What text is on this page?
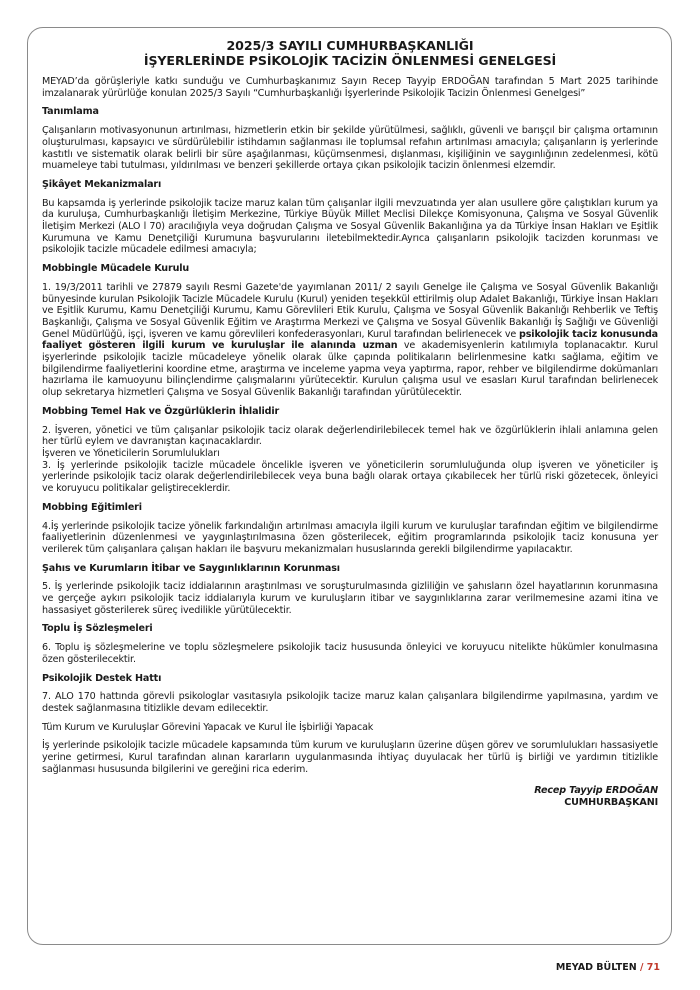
2025/3 SAYILI CUMHURBAŞKANLIĞI
İŞYERLERİNDE PSİKOLOJİK TACİZİN ÖNLENMESİ GENELGESİ

MEYAD’da görüşleriyle katkı sunduğu ve Cumhurbaşkanımız Sayın Recep Tayyip ERDOĞAN tarafından 5 Mart 2025 tarihinde imzalanarak yürürlüğe konulan 2025/3 Sayılı “Cumhurbaşkanlığı İşyerlerinde Psikolojik Tacizin Önlenmesi Genelgesi”

Tanımlama

Çalışanların motivasyonunun artırılması, hizmetlerin etkin bir şekilde yürütülmesi, sağlıklı, güvenli ve barışçıl bir çalışma ortamının oluşturulması, kapsayıcı ve sürdürülebilir istihdamın sağlanması ile toplumsal refahın artırılması amacıyla; çalışanların iş yerlerinde kastıtlı ve sistematik olarak belirli bir süre aşağılanması, küçümsenmesi, dışlanması, kişiliğinin ve saygınlığının zedelenmesi, kötü muameleye tabi tutulması, yıldırılması ve benzeri şekillerde ortaya çıkan psikolojik tacizin önlenmesi elzemdir.

Şikâyet Mekanizmaları

Bu kapsamda iş yerlerinde psikolojik tacize maruz kalan tüm çalışanlar ilgili mevzuatında yer alan usullere göre çalıştıkları kurum ya da kuruluşa, Cumhurbaşkanlığı İletişim Merkezine, Türkiye Büyük Millet Meclisi Dilekçe Komisyonuna, Çalışma ve Sosyal Güvenlik İletişim Merkezi (ALO l 70) aracılığıyla veya doğrudan Çalışma ve Sosyal Güvenlik Bakanlığına ya da Türkiye İnsan Hakları ve Eşitlik Kurumuna ve Kamu Denetçiliği Kurumuna başvurularını iletebilmektedir.Ayrıca çalışanların psikolojik tacizden korunması ve psikolojik tacizle mücadele edilmesi amacıyla;

Mobbingle Mücadele Kurulu

1. 19/3/2011 tarihli ve 27879 sayılı Resmi Gazete'de yayımlanan 2011/ 2 sayılı Genelge ile Çalışma ve Sosyal Güvenlik Bakanlığı bünyesinde kurulan Psikolojik Tacizle Mücadele Kurulu (Kurul) yeniden teşekkül ettirilmiş olup Adalet Bakanlığı, Türkiye İnsan Hakları ve Eşitlik Kurumu, Kamu Denetçiliği Kurumu, Kamu Görevlileri Etik Kurulu, Çalışma ve Sosyal Güvenlik Bakanlığı Rehberlik ve Teftiş Başkanlığı, Çalışma ve Sosyal Güvenlik Eğitim ve Araştırma Merkezi ve Çalışma ve Sosyal Güvenlik Bakanlığı İş Sağlığı ve Güvenliği Genel Müdürlüğü, işçi, işveren ve kamu görevlileri konfederasyonları, Kurul tarafından belirlenecek ve psikolojik taciz konusunda faaliyet gösteren ilgili kurum ve kuruluşlar ile alanında uzman ve akademisyenlerin katılımıyla toplanacaktır. Kurul işyerlerinde psikolojik tacizle mücadeleye yönelik olarak ülke çapında politikaların belirlenmesine katkı sağlama, eğitim ve bilgilendirme faaliyetlerini koordine etme, araştırma ve inceleme yapma veya yaptırma, rapor, rehber ve bilgilendirme dokümanları hazırlama ile kamuoyunu bilinçlendirme çalışmalarını yürütecektir. Kurulun çalışma usul ve esasları Kurul tarafından belirlenecek olup sekretarya hizmetleri Çalışma ve Sosyal Güvenlik Bakanlığı tarafından yürütülecektir.

Mobbing Temel Hak ve Özgürlüklerin İhlalidir

2. İşveren, yönetici ve tüm çalışanlar psikolojik taciz olarak değerlendirilebilecek temel hak ve özgürlüklerin ihlali anlamına gelen her türlü eylem ve davranıştan kaçınacaklardır.

İşveren ve Yöneticilerin Sorumlulukları

3. İş yerlerinde psikolojik tacizle mücadele öncelikle işveren ve yöneticilerin sorumluluğunda olup işveren ve yöneticiler iş yerlerinde psikolojik taciz olarak değerlendirilebilecek veya buna bağlı olarak ortaya çıkabilecek her türlü riski gözetecek, önleyici ve koruyucu politikalar geliştireceklerdir.

Mobbing Eğitimleri

4.İş yerlerinde psikolojik tacize yönelik farkındalığın artırılması amacıyla ilgili kurum ve kuruluşlar tarafından eğitim ve bilgilendirme faaliyetlerinin düzenlenmesi ve yaygınlaştırılmasına özen gösterilecek, eğitim programlarında psikolojik taciz konusuna yer verilerek tüm çalışanlara çalışan hakları ile başvuru mekanizmaları hususlarında gerekli bilgilendirme yapılacaktır.

Şahıs ve Kurumların İtibar ve Saygınlıklarının Korunması

5. İş yerlerinde psikolojik taciz iddialarının araştırılması ve soruşturulmasında gizliliğin ve şahısların özel hayatlarının korunmasına ve gerçeğe aykırı psikolojik taciz iddialarıyla kurum ve kuruluşların itibar ve saygınlıklarına zarar verilmemesine azami itina ve hassasiyet gösterilerek süreç ivedilikle yürütülecektir.

Toplu İş Sözleşmeleri

6. Toplu iş sözleşmelerine ve toplu sözleşmelere psikolojik taciz hususunda önleyici ve koruyucu nitelikte hükümler konulmasına özen gösterilecektir.

Psikolojik Destek Hattı

7. ALO 170 hattında görevli psikologlar vasıtasıyla psikolojik tacize maruz kalan çalışanlara bilgilendirme yapılmasına, yardım ve destek sağlanmasına titizlikle devam edilecektir.

Tüm Kurum ve Kuruluşlar Görevini Yapacak ve Kurul İle İşbirliği Yapacak

İş yerlerinde psikolojik tacizle mücadele kapsamında tüm kurum ve kuruluşların üzerine düşen görev ve sorumlulukları hassasiyetle yerine getirmesi, Kurul tarafından alınan kararların uygulanmasında ihtiyaç duyulacak her türlü iş birliği ve yardımın titizlikle sağlanması hususunda bilgilerini ve gereğini rica ederim.

Recep Tayyip ERDOĞAN
CUMHURBAŞKANI
MEYAD BÜLTEN / 71
